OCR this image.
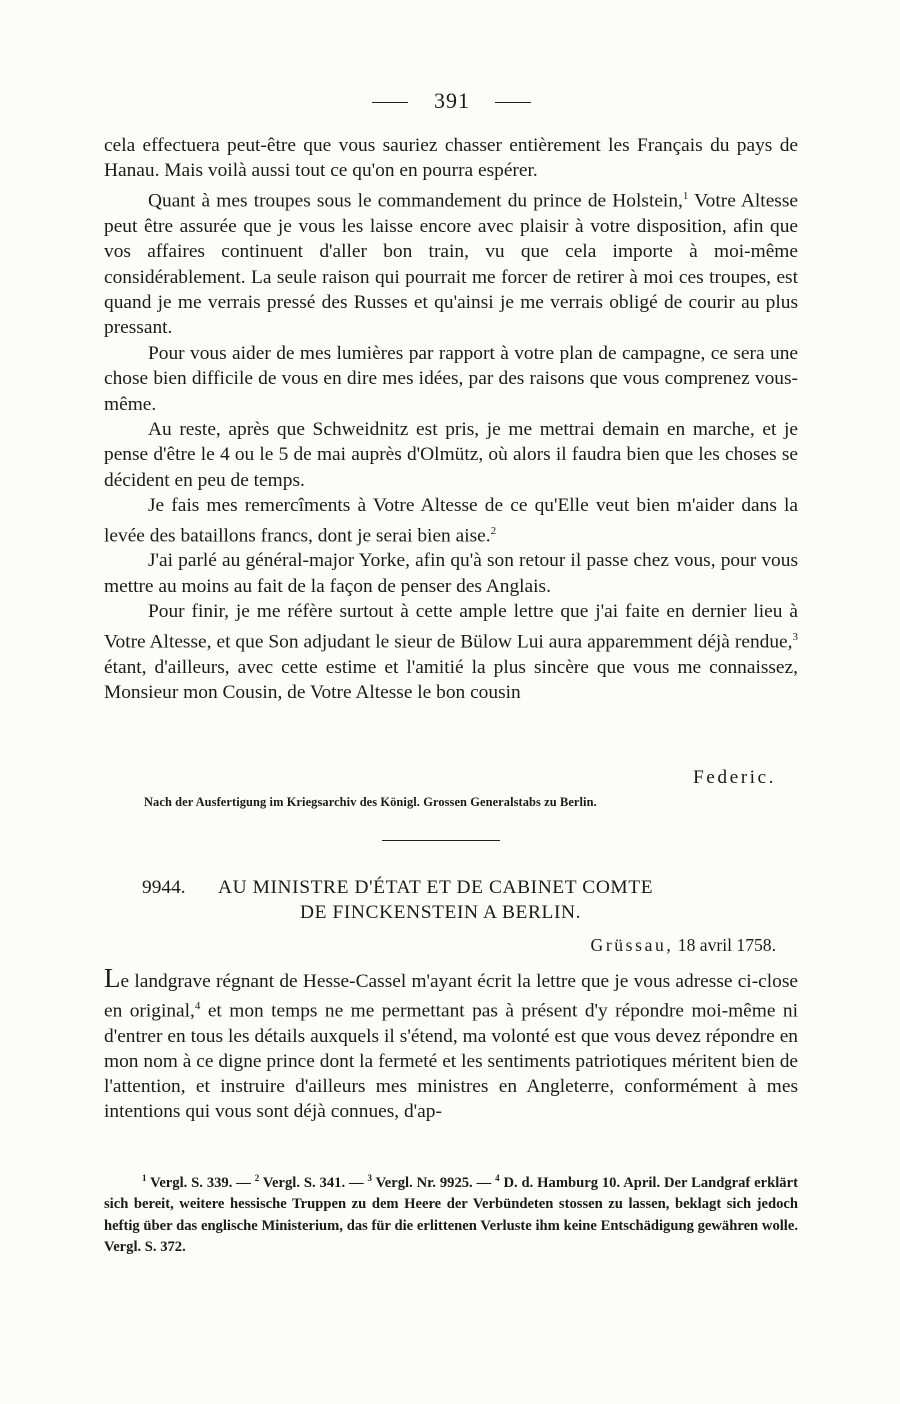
391

cela effectuera peut-être que vous sauriez chasser entièrement les Français du pays de Hanau. Mais voilà aussi tout ce qu'on en pourra espérer.

Quant à mes troupes sous le commandement du prince de Holstein,$^1$ Votre Altesse peut être assurée que je vous les laisse encore avec plaisir à votre disposition, afin que vos affaires continuent d'aller bon train, vu que cela importe à moi-même considérablement. La seule raison qui pourrait me forcer de retirer à moi ces troupes, est quand je me verrais pressé des Russes et qu'ainsi je me verrais obligé de courir au plus pressant.

Pour vous aider de mes lumières par rapport à votre plan de campagne, ce sera une chose bien difficile de vous en dire mes idées, par des raisons que vous comprenez vous-même.

Au reste, après que Schweidnitz est pris, je me mettrai demain en marche, et je pense d'être le 4 ou le 5 de mai auprès d'Olmütz, où alors il faudra bien que les choses se décident en peu de temps.

Je fais mes remercîments à Votre Altesse de ce qu'Elle veut bien m'aider dans la levée des bataillons francs, dont je serai bien aise.$^2$

J'ai parlé au général-major Yorke, afin qu'à son retour il passe chez vous, pour vous mettre au moins au fait de la façon de penser des Anglais.

Pour finir, je me réfère surtout à cette ample lettre que j'ai faite en dernier lieu à Votre Altesse, et que Son adjudant le sieur de Bülow Lui aura apparemment déjà rendue,$^3$ étant, d'ailleurs, avec cette estime et l'amitié la plus sincère que vous me connaissez, Monsieur mon Cousin, de Votre Altesse le bon cousin

Federic.
Nach der Ausfertigung im Kriegsarchiv des Königl. Grossen Generalstabs zu Berlin.
9944. AU MINISTRE D'ÉTAT ET DE CABINET COMTE
DE FINCKENSTEIN A BERLIN.
Grüssau, 18 avril 1758.
Le landgrave régnant de Hesse-Cassel m'ayant écrit la lettre que je vous adresse ci-close en original,$^4$ et mon temps ne me permettant pas à présent d'y répondre moi-même ni d'entrer en tous les détails auxquels il s'étend, ma volonté est que vous devez répondre en mon nom à ce digne prince dont la fermeté et les sentiments patriotiques méritent bien de l'attention, et instruire d'ailleurs mes ministres en Angleterre, conformément à mes intentions qui vous sont déjà connues, d'ap-
$^1$ Vergl. S. 339. — $^2$ Vergl. S. 341. — $^3$ Vergl. Nr. 9925. — $^4$ D. d. Hamburg 10. April. Der Landgraf erklärt sich bereit, weitere hessische Truppen zu dem Heere der Verbündeten stossen zu lassen, beklagt sich jedoch heftig über das englische Ministerium, das für die erlittenen Verluste ihm keine Entschädigung gewähren wolle. Vergl. S. 372.
